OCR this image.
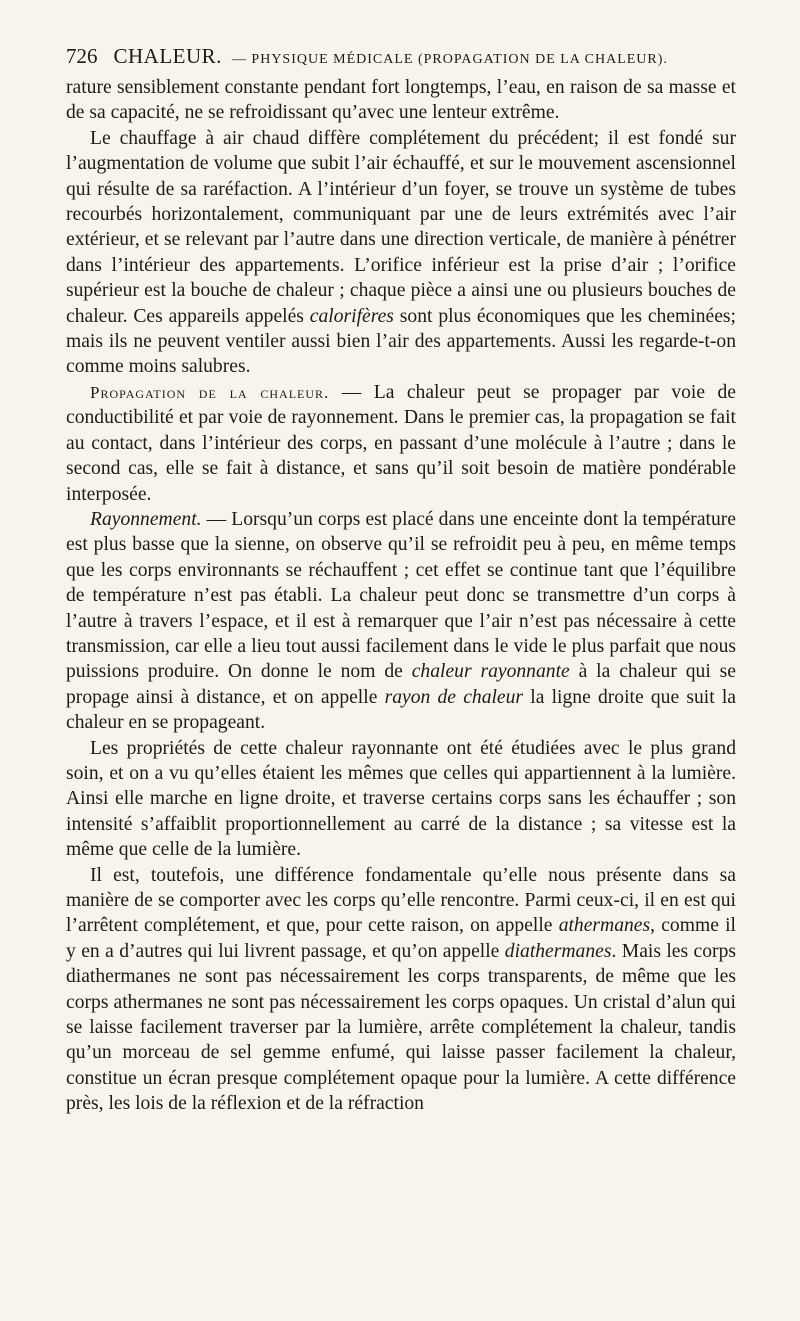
726 CHALEUR. — PHYSIQUE MÉDICALE (PROPAGATION DE LA CHALEUR).

rature sensiblement constante pendant fort longtemps, l’eau, en raison de sa masse et de sa capacité, ne se refroidissant qu’avec une lenteur extrême.

Le chauffage à air chaud diffère complétement du précédent; il est fondé sur l’augmentation de volume que subit l’air échauffé, et sur le mouvement ascensionnel qui résulte de sa raréfaction. A l’intérieur d’un foyer, se trouve un système de tubes recourbés horizontalement, communiquant par une de leurs extrémités avec l’air extérieur, et se relevant par l’autre dans une direction verticale, de manière à pénétrer dans l’intérieur des appartements. L’orifice inférieur est la prise d’air ; l’orifice supérieur est la bouche de chaleur ; chaque pièce a ainsi une ou plusieurs bouches de chaleur. Ces appareils appelés calorifères sont plus économiques que les cheminées; mais ils ne peuvent ventiler aussi bien l’air des appartements. Aussi les regarde-t-on comme moins salubres.

Propagation de la chaleur. — La chaleur peut se propager par voie de conductibilité et par voie de rayonnement. Dans le premier cas, la propagation se fait au contact, dans l’intérieur des corps, en passant d’une molécule à l’autre ; dans le second cas, elle se fait à distance, et sans qu’il soit besoin de matière pondérable interposée.

Rayonnement. — Lorsqu’un corps est placé dans une enceinte dont la température est plus basse que la sienne, on observe qu’il se refroidit peu à peu, en même temps que les corps environnants se réchauffent ; cet effet se continue tant que l’équilibre de température n’est pas établi. La chaleur peut donc se transmettre d’un corps à l’autre à travers l’espace, et il est à remarquer que l’air n’est pas nécessaire à cette transmission, car elle a lieu tout aussi facilement dans le vide le plus parfait que nous puissions produire. On donne le nom de chaleur rayonnante à la chaleur qui se propage ainsi à distance, et on appelle rayon de chaleur la ligne droite que suit la chaleur en se propageant.

Les propriétés de cette chaleur rayonnante ont été étudiées avec le plus grand soin, et on a vu qu’elles étaient les mêmes que celles qui appartiennent à la lumière. Ainsi elle marche en ligne droite, et traverse certains corps sans les échauffer ; son intensité s’affaiblit proportionnellement au carré de la distance ; sa vitesse est la même que celle de la lumière.

Il est, toutefois, une différence fondamentale qu’elle nous présente dans sa manière de se comporter avec les corps qu’elle rencontre. Parmi ceux-ci, il en est qui l’arrêtent complétement, et que, pour cette raison, on appelle athermanes, comme il y en a d’autres qui lui livrent passage, et qu’on appelle diathermanes. Mais les corps diathermanes ne sont pas nécessairement les corps transparents, de même que les corps athermanes ne sont pas nécessairement les corps opaques. Un cristal d’alun qui se laisse facilement traverser par la lumière, arrête complétement la chaleur, tandis qu’un morceau de sel gemme enfumé, qui laisse passer facilement la chaleur, constitue un écran presque complétement opaque pour la lumière. A cette différence près, les lois de la réflexion et de la réfraction
